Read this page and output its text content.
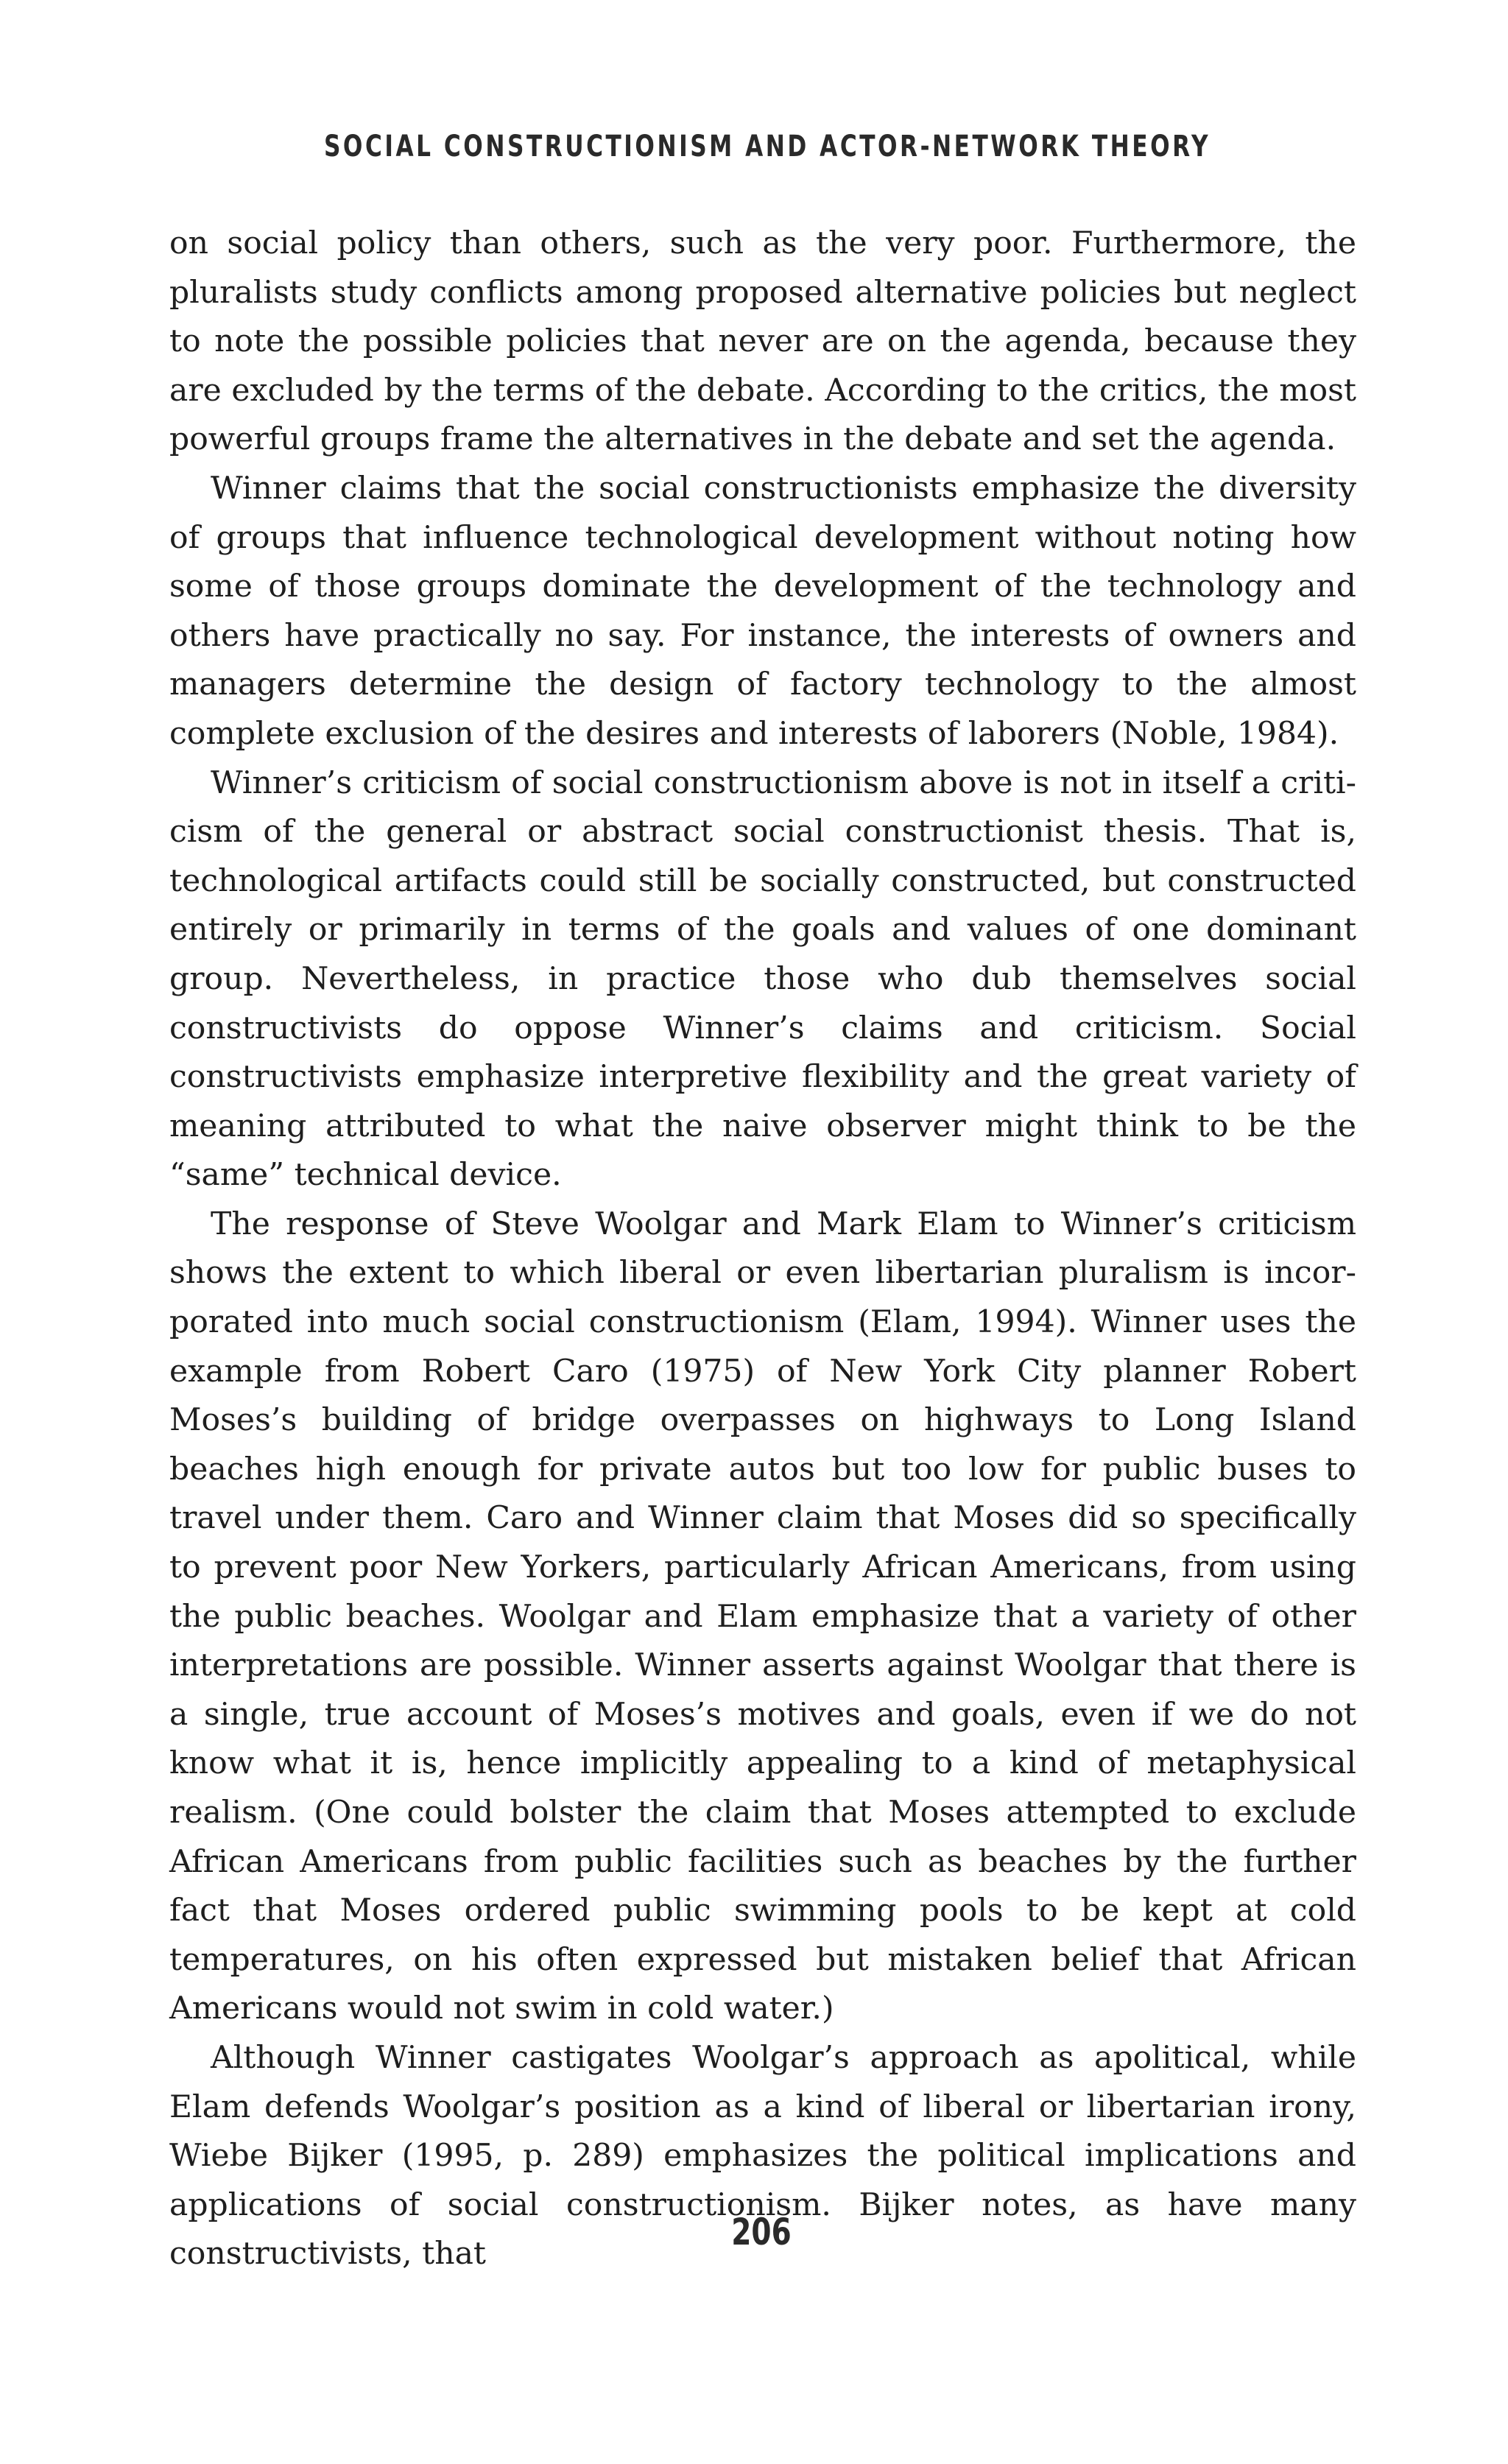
SOCIAL CONSTRUCTIONISM AND ACTOR-NETWORK THEORY

on social policy than others, such as the very poor. Furthermore, the pluralists study conflicts among proposed alternative policies but neglect to note the possible policies that never are on the agenda, because they are excluded by the terms of the debate. According to the critics, the most powerful groups frame the alternatives in the debate and set the agenda.

Winner claims that the social constructionists emphasize the diversity of groups that influence technological development without noting how some of those groups dominate the development of the technology and others have practically no say. For instance, the interests of owners and managers determine the design of factory technology to the almost complete exclusion of the desires and interests of laborers (Noble, 1984).

Winner’s criticism of social constructionism above is not in itself a criticism of the general or abstract social constructionist thesis. That is, technological artifacts could still be socially constructed, but constructed entirely or primarily in terms of the goals and values of one dominant group. Nevertheless, in practice those who dub themselves social constructivists do oppose Winner’s claims and criticism. Social constructivists emphasize interpretive flexibility and the great variety of meaning attributed to what the naive observer might think to be the “same” technical device.

The response of Steve Woolgar and Mark Elam to Winner’s criticism shows the extent to which liberal or even libertarian pluralism is incorporated into much social constructionism (Elam, 1994). Winner uses the example from Robert Caro (1975) of New York City planner Robert Moses’s building of bridge overpasses on highways to Long Island beaches high enough for private autos but too low for public buses to travel under them. Caro and Winner claim that Moses did so specifically to prevent poor New Yorkers, particularly African Americans, from using the public beaches. Woolgar and Elam emphasize that a variety of other interpretations are possible. Winner asserts against Woolgar that there is a single, true account of Moses’s motives and goals, even if we do not know what it is, hence implicitly appealing to a kind of metaphysical realism. (One could bolster the claim that Moses attempted to exclude African Americans from public facilities such as beaches by the further fact that Moses ordered public swimming pools to be kept at cold temperatures, on his often expressed but mistaken belief that African Americans would not swim in cold water.)

Although Winner castigates Woolgar’s approach as apolitical, while Elam defends Woolgar’s position as a kind of liberal or libertarian irony, Wiebe Bijker (1995, p. 289) emphasizes the political implications and applications of social constructionism. Bijker notes, as have many constructivists, that

206
